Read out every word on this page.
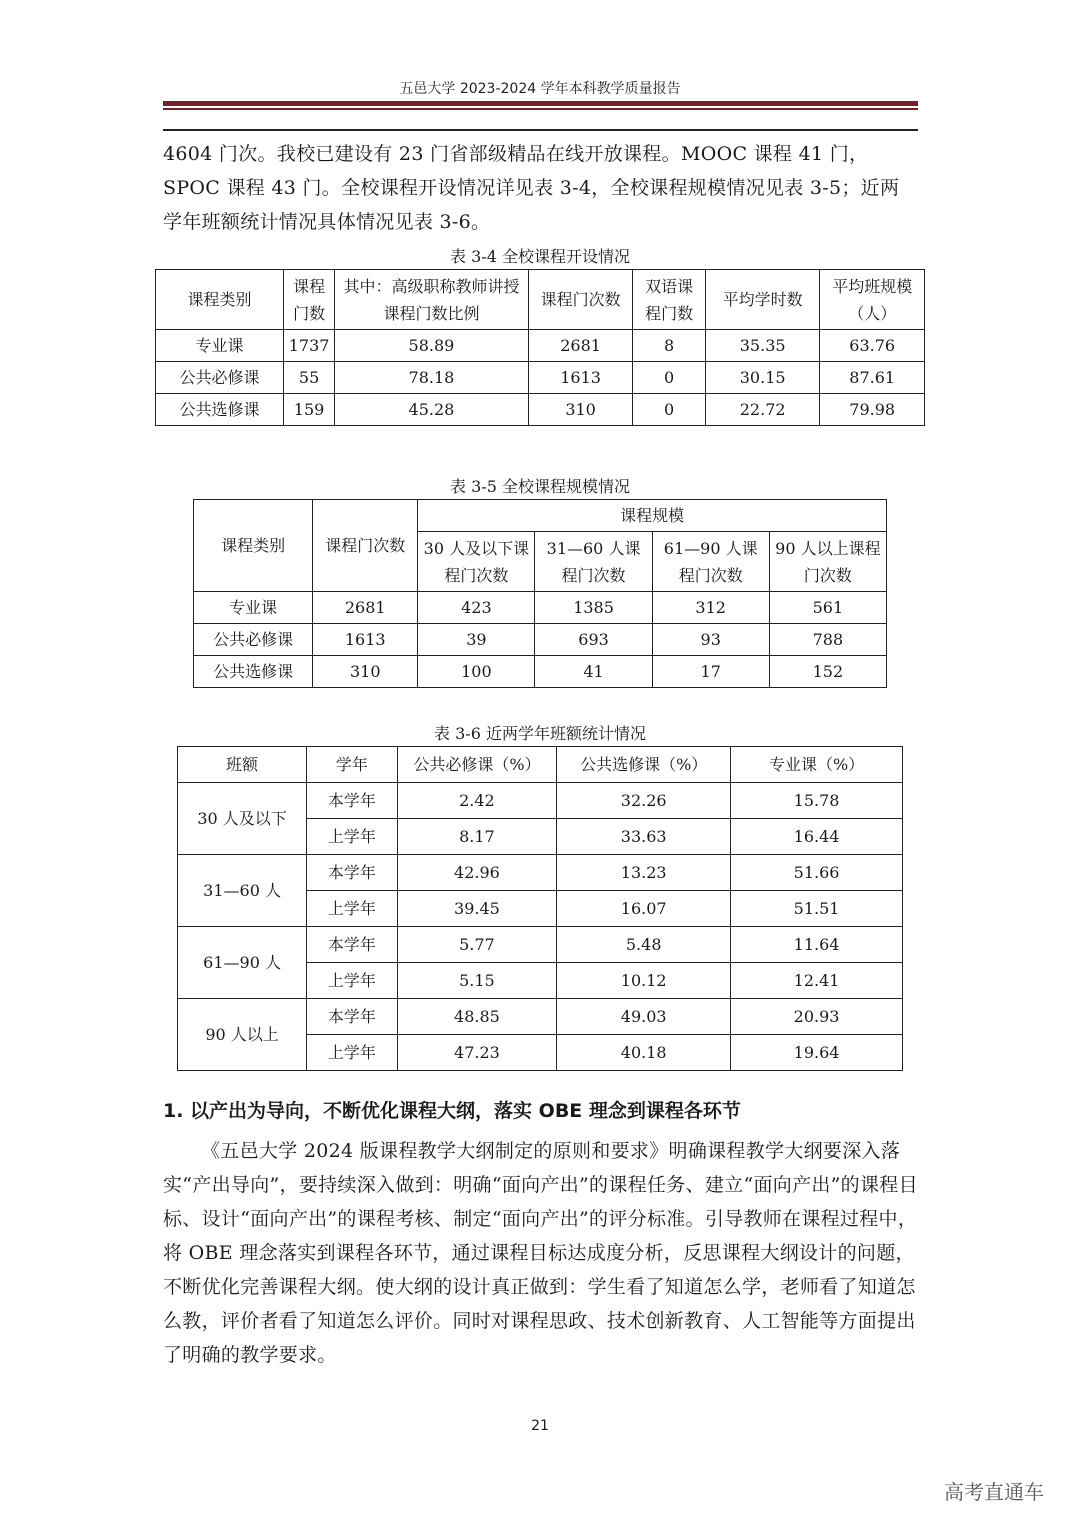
五邑大学 2023-2024 学年本科教学质量报告

4604 门次。我校已建设有 23 门省部级精品在线开放课程。MOOC 课程 41 门，SPOC 课程 43 门。全校课程开设情况详见表 3-4，全校课程规模情况见表 3-5；近两学年班额统计情况具体情况见表 3-6。

表 3-4 全校课程开设情况
课程类别	课程门数	其中：高级职称教师讲授课程门数比例	课程门次数	双语课程门数	平均学时数	平均班规模（人）
专业课	1737	58.89	2681	8	35.35	63.76
公共必修课	55	78.18	1613	0	30.15	87.61
公共选修课	159	45.28	310	0	22.72	79.98
表 3-5 全校课程规模情况
课程类别	课程门次数	课程规模			
		30 人及以下课程门次数	31—60 人课程门次数	61—90 人课程门次数	90 人以上课程门次数
专业课	2681	423	1385	312	561
公共必修课	1613	39	693	93	788
公共选修课	310	100	41	17	152
表 3-6 近两学年班额统计情况
班额	学年	公共必修课（%）	公共选修课（%）	专业课（%）
30 人及以下	本学年	2.42	32.26	15.78
	上学年	8.17	33.63	16.44
31—60 人	本学年	42.96	13.23	51.66
	上学年	39.45	16.07	51.51
61—90 人	本学年	5.77	5.48	11.64
	上学年	5.15	10.12	12.41
90 人以上	本学年	48.85	49.03	20.93
	上学年	47.23	40.18	19.64
1. 以产出为导向，不断优化课程大纲，落实 OBE 理念到课程各环节

《五邑大学 2024 版课程教学大纲制定的原则和要求》明确课程教学大纲要深入落实“产出导向”，要持续深入做到：明确“面向产出”的课程任务、建立“面向产出”的课程目标、设计“面向产出”的课程考核、制定“面向产出”的评分标准。引导教师在课程过程中，将 OBE 理念落实到课程各环节，通过课程目标达成度分析，反思课程大纲设计的问题，不断优化完善课程大纲。使大纲的设计真正做到：学生看了知道怎么学，老师看了知道怎么教，评价者看了知道怎么评价。同时对课程思政、技术创新教育、人工智能等方面提出了明确的教学要求。

21
高考直通车
